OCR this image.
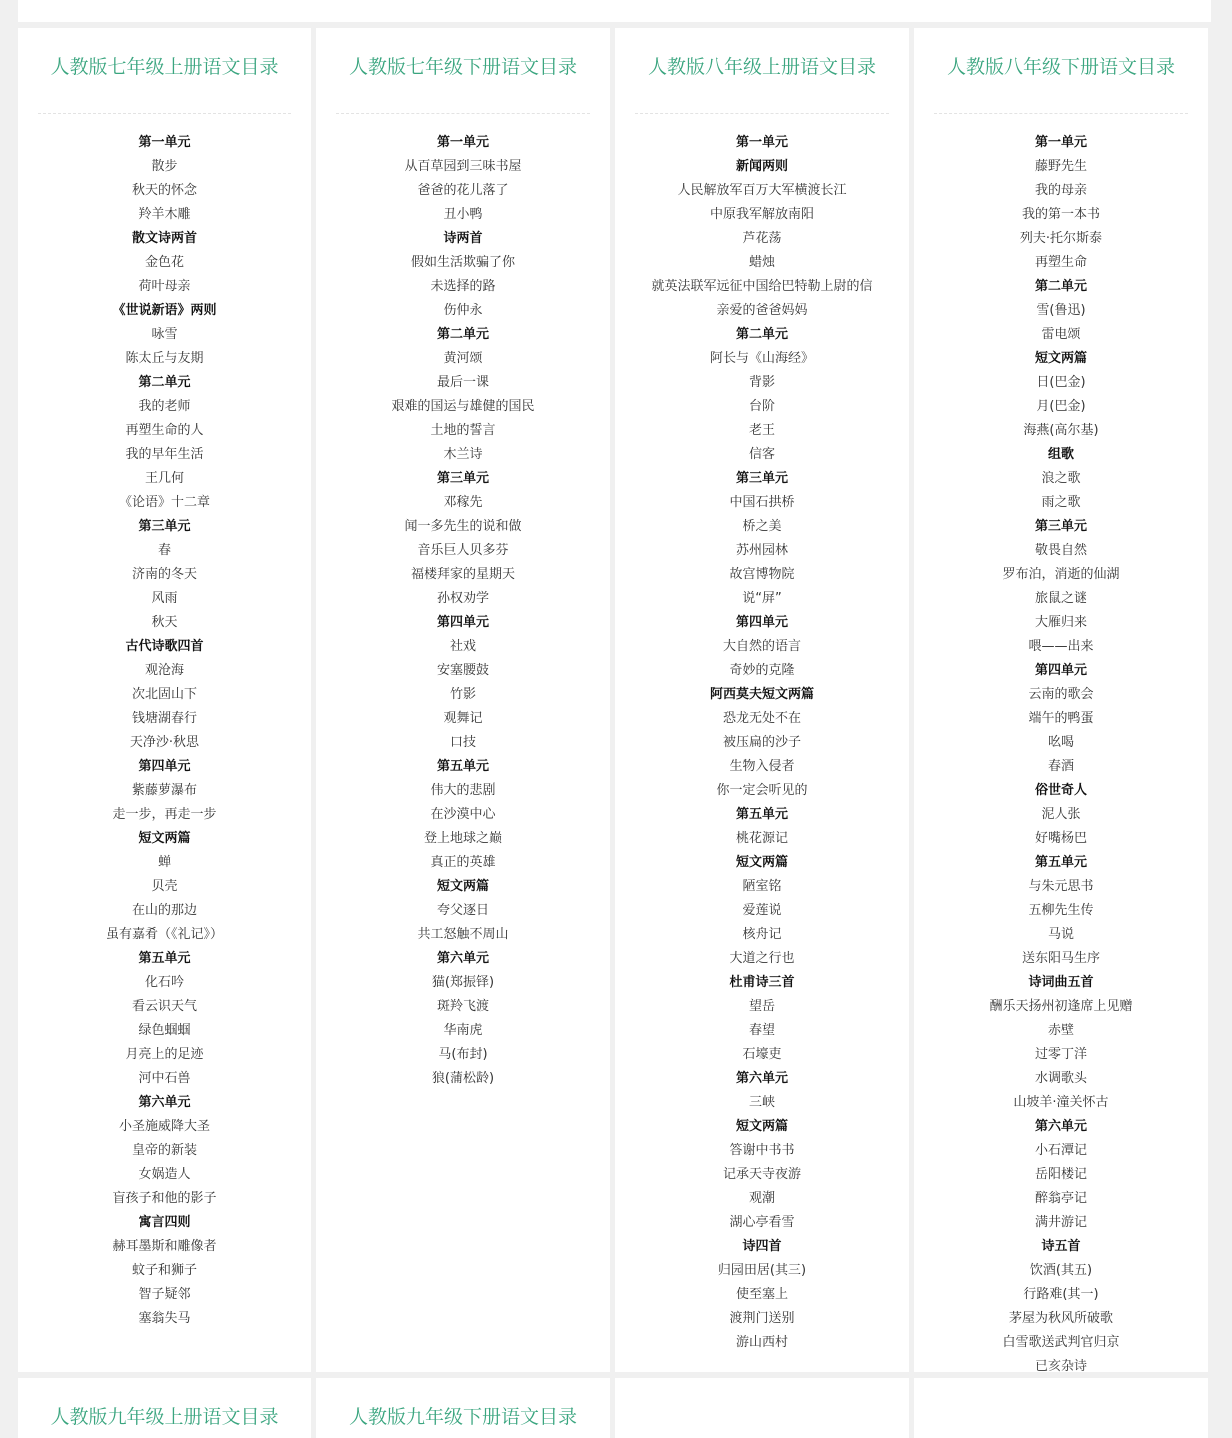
人教版七年级上册语文目录
第一单元
散步
秋天的怀念
羚羊木雕
散文诗两首
金色花
荷叶母亲
《世说新语》两则
咏雪
陈太丘与友期
第二单元
我的老师
再塑生命的人
我的早年生活
王几何
《论语》十二章
第三单元
春
济南的冬天
风雨
秋天
古代诗歌四首
观沧海
次北固山下
钱塘湖春行
天净沙·秋思
第四单元
紫藤萝瀑布
走一步，再走一步
短文两篇
蝉
贝壳
在山的那边
虽有嘉肴（《礼记》）
第五单元
化石吟
看云识天气
绿色蝈蝈
月亮上的足迹
河中石兽
第六单元
小圣施威降大圣
皇帝的新装
女娲造人
盲孩子和他的影子
寓言四则
赫耳墨斯和雕像者
蚊子和狮子
智子疑邻
塞翁失马
人教版七年级下册语文目录
第一单元
从百草园到三味书屋
爸爸的花儿落了
丑小鸭
诗两首
假如生活欺骗了你
未选择的路
伤仲永
第二单元
黄河颂
最后一课
艰难的国运与雄健的国民
土地的誓言
木兰诗
第三单元
邓稼先
闻一多先生的说和做
音乐巨人贝多芬
福楼拜家的星期天
孙权劝学
第四单元
社戏
安塞腰鼓
竹影
观舞记
口技
第五单元
伟大的悲剧
在沙漠中心
登上地球之巅
真正的英雄
短文两篇
夸父逐日
共工怒触不周山
第六单元
猫(郑振铎)
斑羚飞渡
华南虎
马(布封)
狼(蒲松龄)
人教版八年级上册语文目录
第一单元
新闻两则
人民解放军百万大军横渡长江
中原我军解放南阳
芦花荡
蜡烛
就英法联军远征中国给巴特勒上尉的信
亲爱的爸爸妈妈
第二单元
阿长与《山海经》
背影
台阶
老王
信客
第三单元
中国石拱桥
桥之美
苏州园林
故宫博物院
说“屏”
第四单元
大自然的语言
奇妙的克隆
阿西莫夫短文两篇
恐龙无处不在
被压扁的沙子
生物入侵者
你一定会听见的
第五单元
桃花源记
短文两篇
陋室铭
爱莲说
核舟记
大道之行也
杜甫诗三首
望岳
春望
石壕吏
第六单元
三峡
短文两篇
答谢中书书
记承天寺夜游
观潮
湖心亭看雪
诗四首
归园田居(其三)
使至塞上
渡荆门送别
游山西村
人教版八年级下册语文目录
第一单元
藤野先生
我的母亲
我的第一本书
列夫·托尔斯泰
再塑生命
第二单元
雪(鲁迅)
雷电颂
短文两篇
日(巴金)
月(巴金)
海燕(高尔基)
组歌
浪之歌
雨之歌
第三单元
敬畏自然
罗布泊，消逝的仙湖
旅鼠之谜
大雁归来
喂——出来
第四单元
云南的歌会
端午的鸭蛋
吆喝
春酒
俗世奇人
泥人张
好嘴杨巴
第五单元
与朱元思书
五柳先生传
马说
送东阳马生序
诗词曲五首
酬乐天扬州初逢席上见赠
赤壁
过零丁洋
水调歌头
山坡羊·潼关怀古
第六单元
小石潭记
岳阳楼记
醉翁亭记
满井游记
诗五首
饮酒(其五)
行路难(其一)
茅屋为秋风所破歌
白雪歌送武判官归京
已亥杂诗
人教版九年级上册语文目录	人教版九年级下册语文目录
